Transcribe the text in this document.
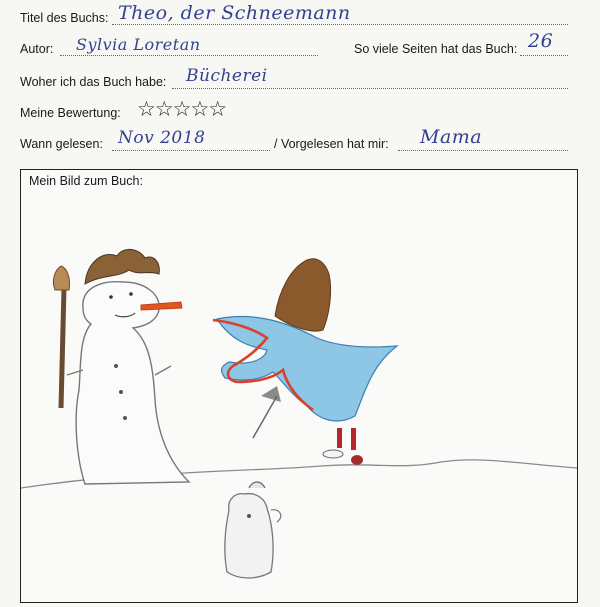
Titel des Buchs: Theo, der Schneemann
Autor: Sylvia Loretan	So viele Seiten hat das Buch: 26
Woher ich das Buch habe: Bücherei
Meine Bewertung: ☆☆☆☆☆
Wann gelesen: Nov 2018	/ Vorgelesen hat mir: Mama
Mein Bild zum Buch:
